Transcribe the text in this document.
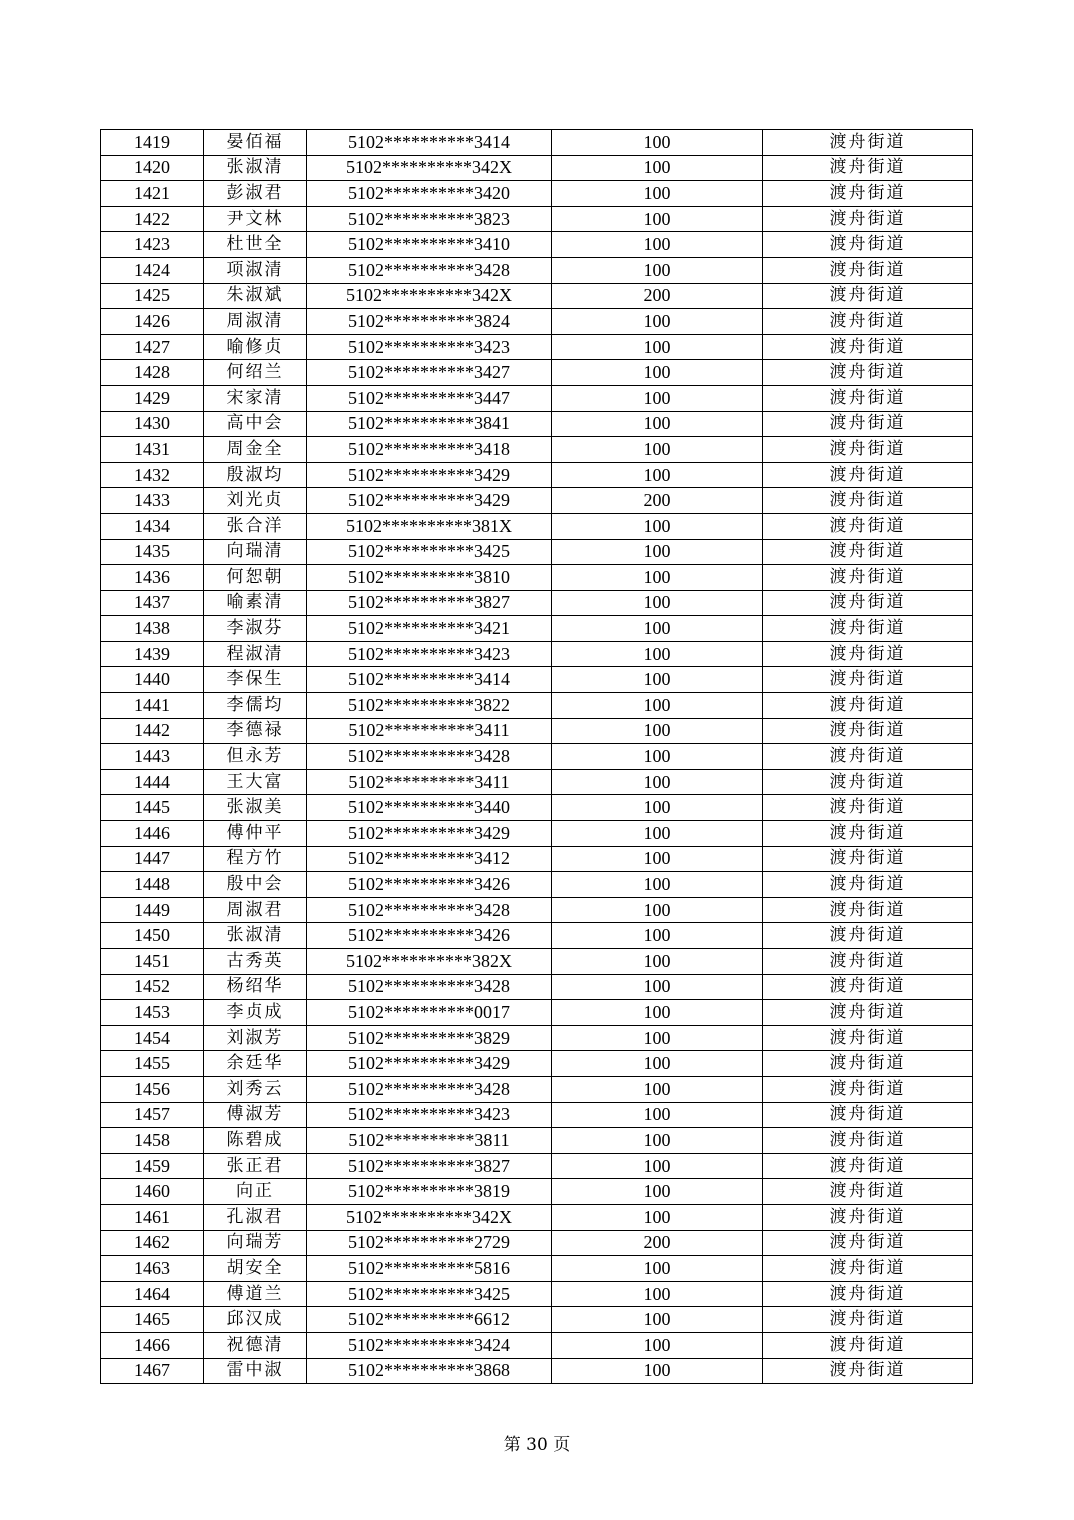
1419	晏佰福	5102**********3414	100	渡舟街道
1420	张淑清	5102**********342X	100	渡舟街道
1421	彭淑君	5102**********3420	100	渡舟街道
1422	尹文林	5102**********3823	100	渡舟街道
1423	杜世全	5102**********3410	100	渡舟街道
1424	项淑清	5102**********3428	100	渡舟街道
1425	朱淑斌	5102**********342X	200	渡舟街道
1426	周淑清	5102**********3824	100	渡舟街道
1427	喻修贞	5102**********3423	100	渡舟街道
1428	何绍兰	5102**********3427	100	渡舟街道
1429	宋家清	5102**********3447	100	渡舟街道
1430	高中会	5102**********3841	100	渡舟街道
1431	周金全	5102**********3418	100	渡舟街道
1432	殷淑均	5102**********3429	100	渡舟街道
1433	刘光贞	5102**********3429	200	渡舟街道
1434	张合洋	5102**********381X	100	渡舟街道
1435	向瑞清	5102**********3425	100	渡舟街道
1436	何恕朝	5102**********3810	100	渡舟街道
1437	喻素清	5102**********3827	100	渡舟街道
1438	李淑芬	5102**********3421	100	渡舟街道
1439	程淑清	5102**********3423	100	渡舟街道
1440	李保生	5102**********3414	100	渡舟街道
1441	李儒均	5102**********3822	100	渡舟街道
1442	李德禄	5102**********3411	100	渡舟街道
1443	但永芳	5102**********3428	100	渡舟街道
1444	王大富	5102**********3411	100	渡舟街道
1445	张淑美	5102**********3440	100	渡舟街道
1446	傅仲平	5102**********3429	100	渡舟街道
1447	程方竹	5102**********3412	100	渡舟街道
1448	殷中会	5102**********3426	100	渡舟街道
1449	周淑君	5102**********3428	100	渡舟街道
1450	张淑清	5102**********3426	100	渡舟街道
1451	古秀英	5102**********382X	100	渡舟街道
1452	杨绍华	5102**********3428	100	渡舟街道
1453	李贞成	5102**********0017	100	渡舟街道
1454	刘淑芳	5102**********3829	100	渡舟街道
1455	余廷华	5102**********3429	100	渡舟街道
1456	刘秀云	5102**********3428	100	渡舟街道
1457	傅淑芳	5102**********3423	100	渡舟街道
1458	陈碧成	5102**********3811	100	渡舟街道
1459	张正君	5102**********3827	100	渡舟街道
1460	向正	5102**********3819	100	渡舟街道
1461	孔淑君	5102**********342X	100	渡舟街道
1462	向瑞芳	5102**********2729	200	渡舟街道
1463	胡安全	5102**********5816	100	渡舟街道
1464	傅道兰	5102**********3425	100	渡舟街道
1465	邱汉成	5102**********6612	100	渡舟街道
1466	祝德清	5102**********3424	100	渡舟街道
1467	雷中淑	5102**********3868	100	渡舟街道
第 30 页
